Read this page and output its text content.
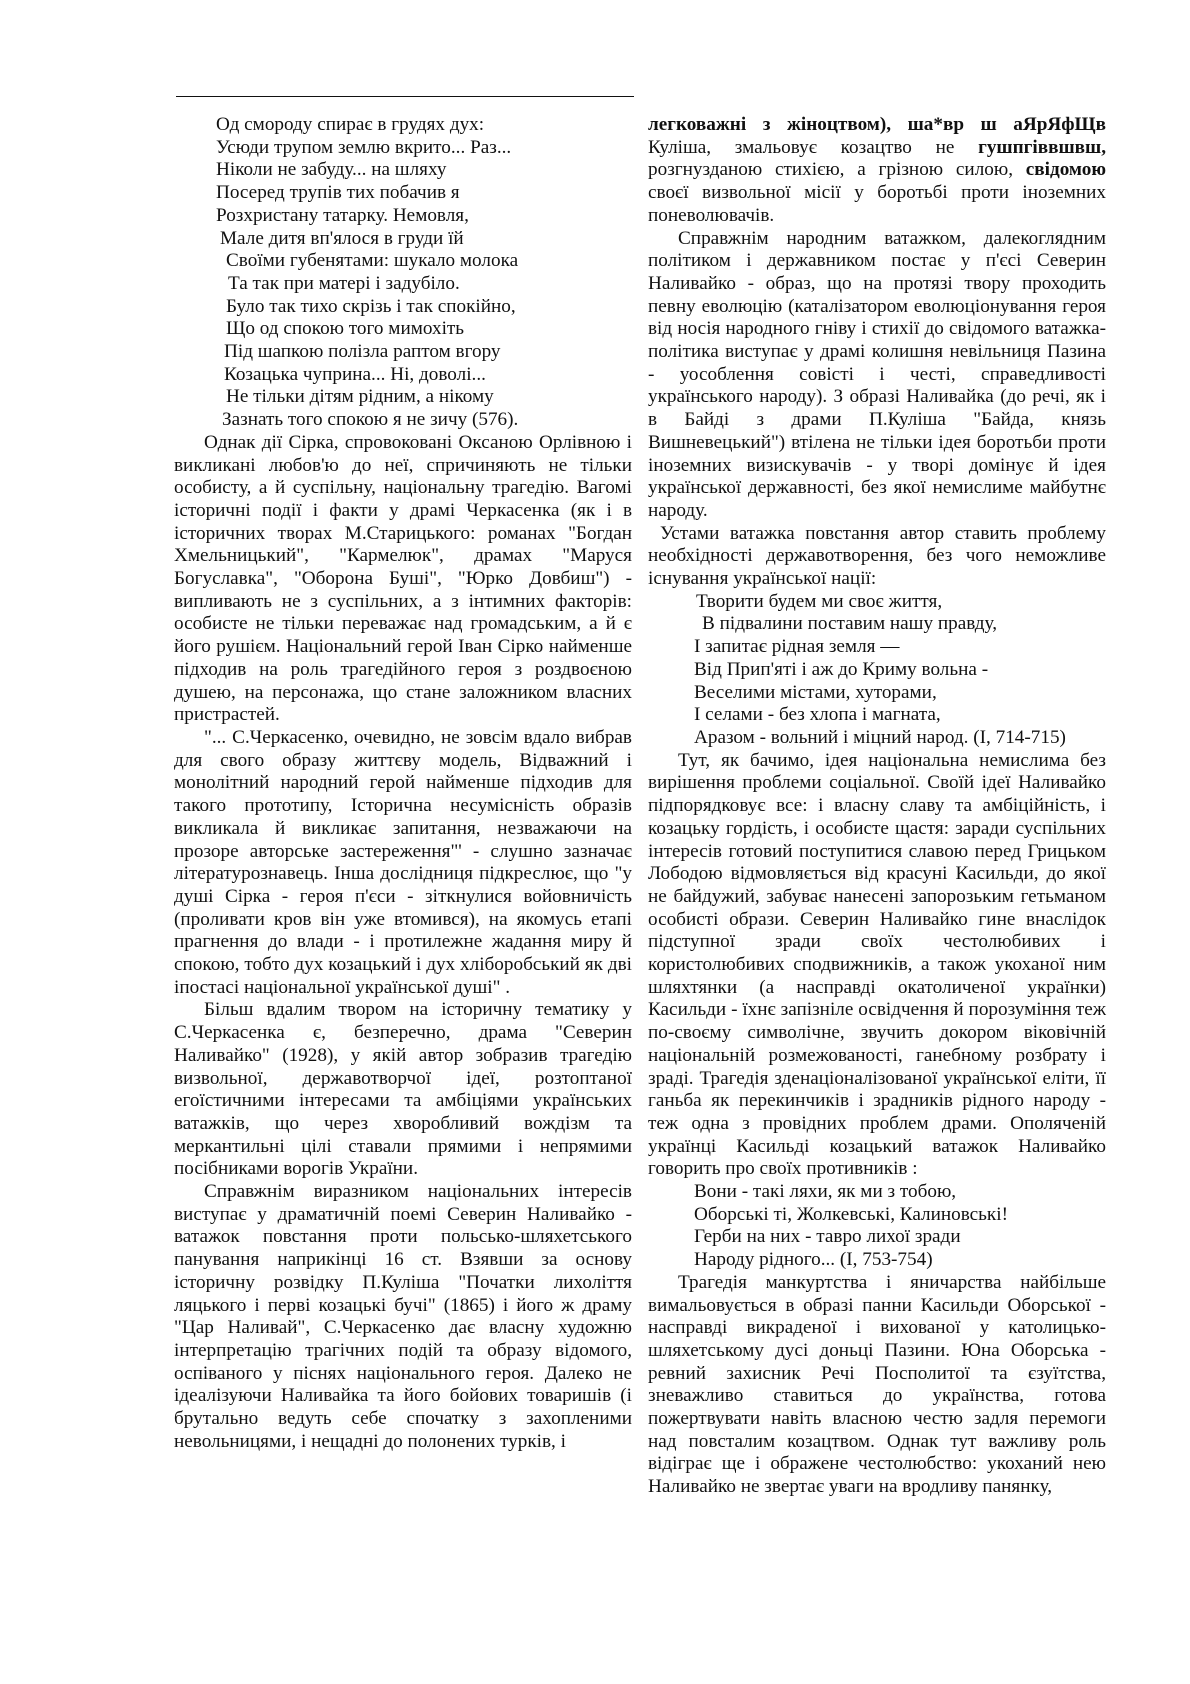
Од смороду спирає в грудях дух:
Усюди трупом землю вкрито... Раз...
Ніколи не забуду... на шляху
Посеред трупів тих побачив я
Розхристану татарку. Немовля,
Мале дитя вп'ялося в груди їй
Своїми губенятами: шукало молока
Та так при матері і задубіло.
Було так тихо скрізь і так спокійно,
Що од спокою того мимохіть
Під шапкою полізла раптом вгору
Козацька чуприна... Ні, доволі...
Не тільки дітям рідним, а нікому
Зазнать того спокою я не зичу (576).

Однак дії Сірка, спровоковані Оксаною Орлівною і викликані любов'ю до неї, спричиняють не тільки особисту, а й суспільну, національну трагедію. Вагомі історичні події і факти у драмі Черкасенка (як і в історичних творах М.Старицького: романах "Богдан Хмельницький", "Кармелюк", драмах "Маруся Богуславка", "Оборона Буші", "Юрко Довбиш") - випливають не з суспільних, а з інтимних факторів: особисте не тільки переважає над громадським, а й є його рушієм. Національний герой Іван Сірко найменше підходив на роль трагедійного героя з роздвоєною душею, на персонажа, що стане заложником власних пристрастей.

"... С.Черкасенко, очевидно, не зовсім вдало вибрав для свого образу життєву модель, Відважний і монолітний народний герой найменше підходив для такого прототипу, Історична несумісність образів викликала й викликає запитання, незважаючи на прозоре авторське застереження"' - слушно зазначає літературознавець. Інша дослідниця підкреслює, що "у душі Сірка - героя п'єси - зіткнулися войовничість (проливати кров він уже втомився), на якомусь етапі прагнення до влади - і протилежне жадання миру й спокою, тобто дух козацький і дух хліборобський як дві іпостасі національної української душі" .

Більш вдалим твором на історичну тематику у С.Черкасенка є, безперечно, драма "Северин Наливайко" (1928), у якій автор зобразив трагедію визвольної, державотворчої ідеї, розтоптаної егоїстичними інтересами та амбіціями українських ватажків, що через хворобливий вождізм та меркантильні цілі ставали прямими і непрямими посібниками ворогів України.

Справжнім виразником національних інтересів виступає у драматичній поемі Северин Наливайко - ватажок повстання проти польсько-шляхетського панування наприкінці 16 ст. Взявши за основу історичну розвідку П.Куліша "Початки лихоліття ляцького і перві козацькі бучі" (1865) і його ж драму "Цар Наливай", С.Черкасенко дає власну художню інтерпретацію трагічних подій та образу відомого, оспіваного у піснях національного героя. Далеко не ідеалізуючи Наливайка та його бойових товаришів (і брутально ведуть себе спочатку з захопленими невольницями, і нещадні до полонених турків, і

легковажні з жіноцтвом), ша*вр ш аЯрЯфЩв Куліша, змальовує козацтво не гушпгіввшвш, розгнузданою стихією, а грізною силою, свідомою своєї визвольної місії у боротьбі проти іноземних поневолювачів.

Справжнім народним ватажком, далекоглядним політиком і державником постає у п'єсі Северин Наливайко - образ, що на протязі твору проходить певну еволюцію (каталізатором еволюціонування героя від носія народного гніву і стихії до свідомого ватажка-політика виступає у драмі колишня невільниця Пазина - уособлення совісті і честі, справедливості українського народу). З образі Наливайка (до речі, як і в Байді з драми П.Куліша "Байда, князь Вишневецький") втілена не тільки ідея боротьби проти іноземних визискувачів - у творі домінує й ідея української державності, без якої немислиме майбутнє народу.

Устами ватажка повстання автор ставить проблему необхідності державотворення, без чого неможливе існування української нації:

Творити будем ми своє життя,
В підвалини поставим нашу правду,
І запитає рідная земля —
Від Прип'яті і аж до Криму вольна -
Веселими містами, хуторами,
І селами - без хлопа і магната,
Аразом - вольний і міцний народ. (І, 714-715)

Тут, як бачимо, ідея національна немислима без вирішення проблеми соціальної. Своїй ідеї Наливайко підпорядковує все: і власну славу та амбіційність, і козацьку гордість, і особисте щастя: заради суспільних інтересів готовий поступитися славою перед Грицьком Лободою відмовляється від красуні Касильди, до якої не байдужий, забуває нанесені запорозьким гетьманом особисті образи. Северин Наливайко гине внаслідок підступної зради своїх честолюбивих і користолюбивих сподвижників, а також укоханої ним шляхтянки (а насправді окатоличеної українки) Касильди - їхнє запізніле освідчення й порозуміння теж по-своєму символічне, звучить докором віковічній національній розмежованості, ганебному розбрату і зраді. Трагедія зденаціоналізованої української еліти, її ганьба як перекинчиків і зрадників рідного народу - теж одна з провідних проблем драми. Ополяченій українці Касильді козацький ватажок Наливайко говорить про своїх противників :

Вони - такі ляхи, як ми з тобою,
Оборські ті, Жолкевські, Калиновські!
Герби на них - тавро лихої зради
Народу рідного... (І, 753-754)

Трагедія манкуртства і яничарства найбільше вимальовується в образі панни Касильди Оборської - насправді викраденої і вихованої у католицько-шляхетському дусі доньці Пазини. Юна Оборська - ревний захисник Речі Посполитої та єзуїтства, зневажливо ставиться до українства, готова пожертвувати навіть власною честю задля перемоги над повсталим козацтвом. Однак тут важливу роль відіграє ще і ображене честолюбство: укоханий нею Наливайко не звертає уваги на вродливу панянку,
